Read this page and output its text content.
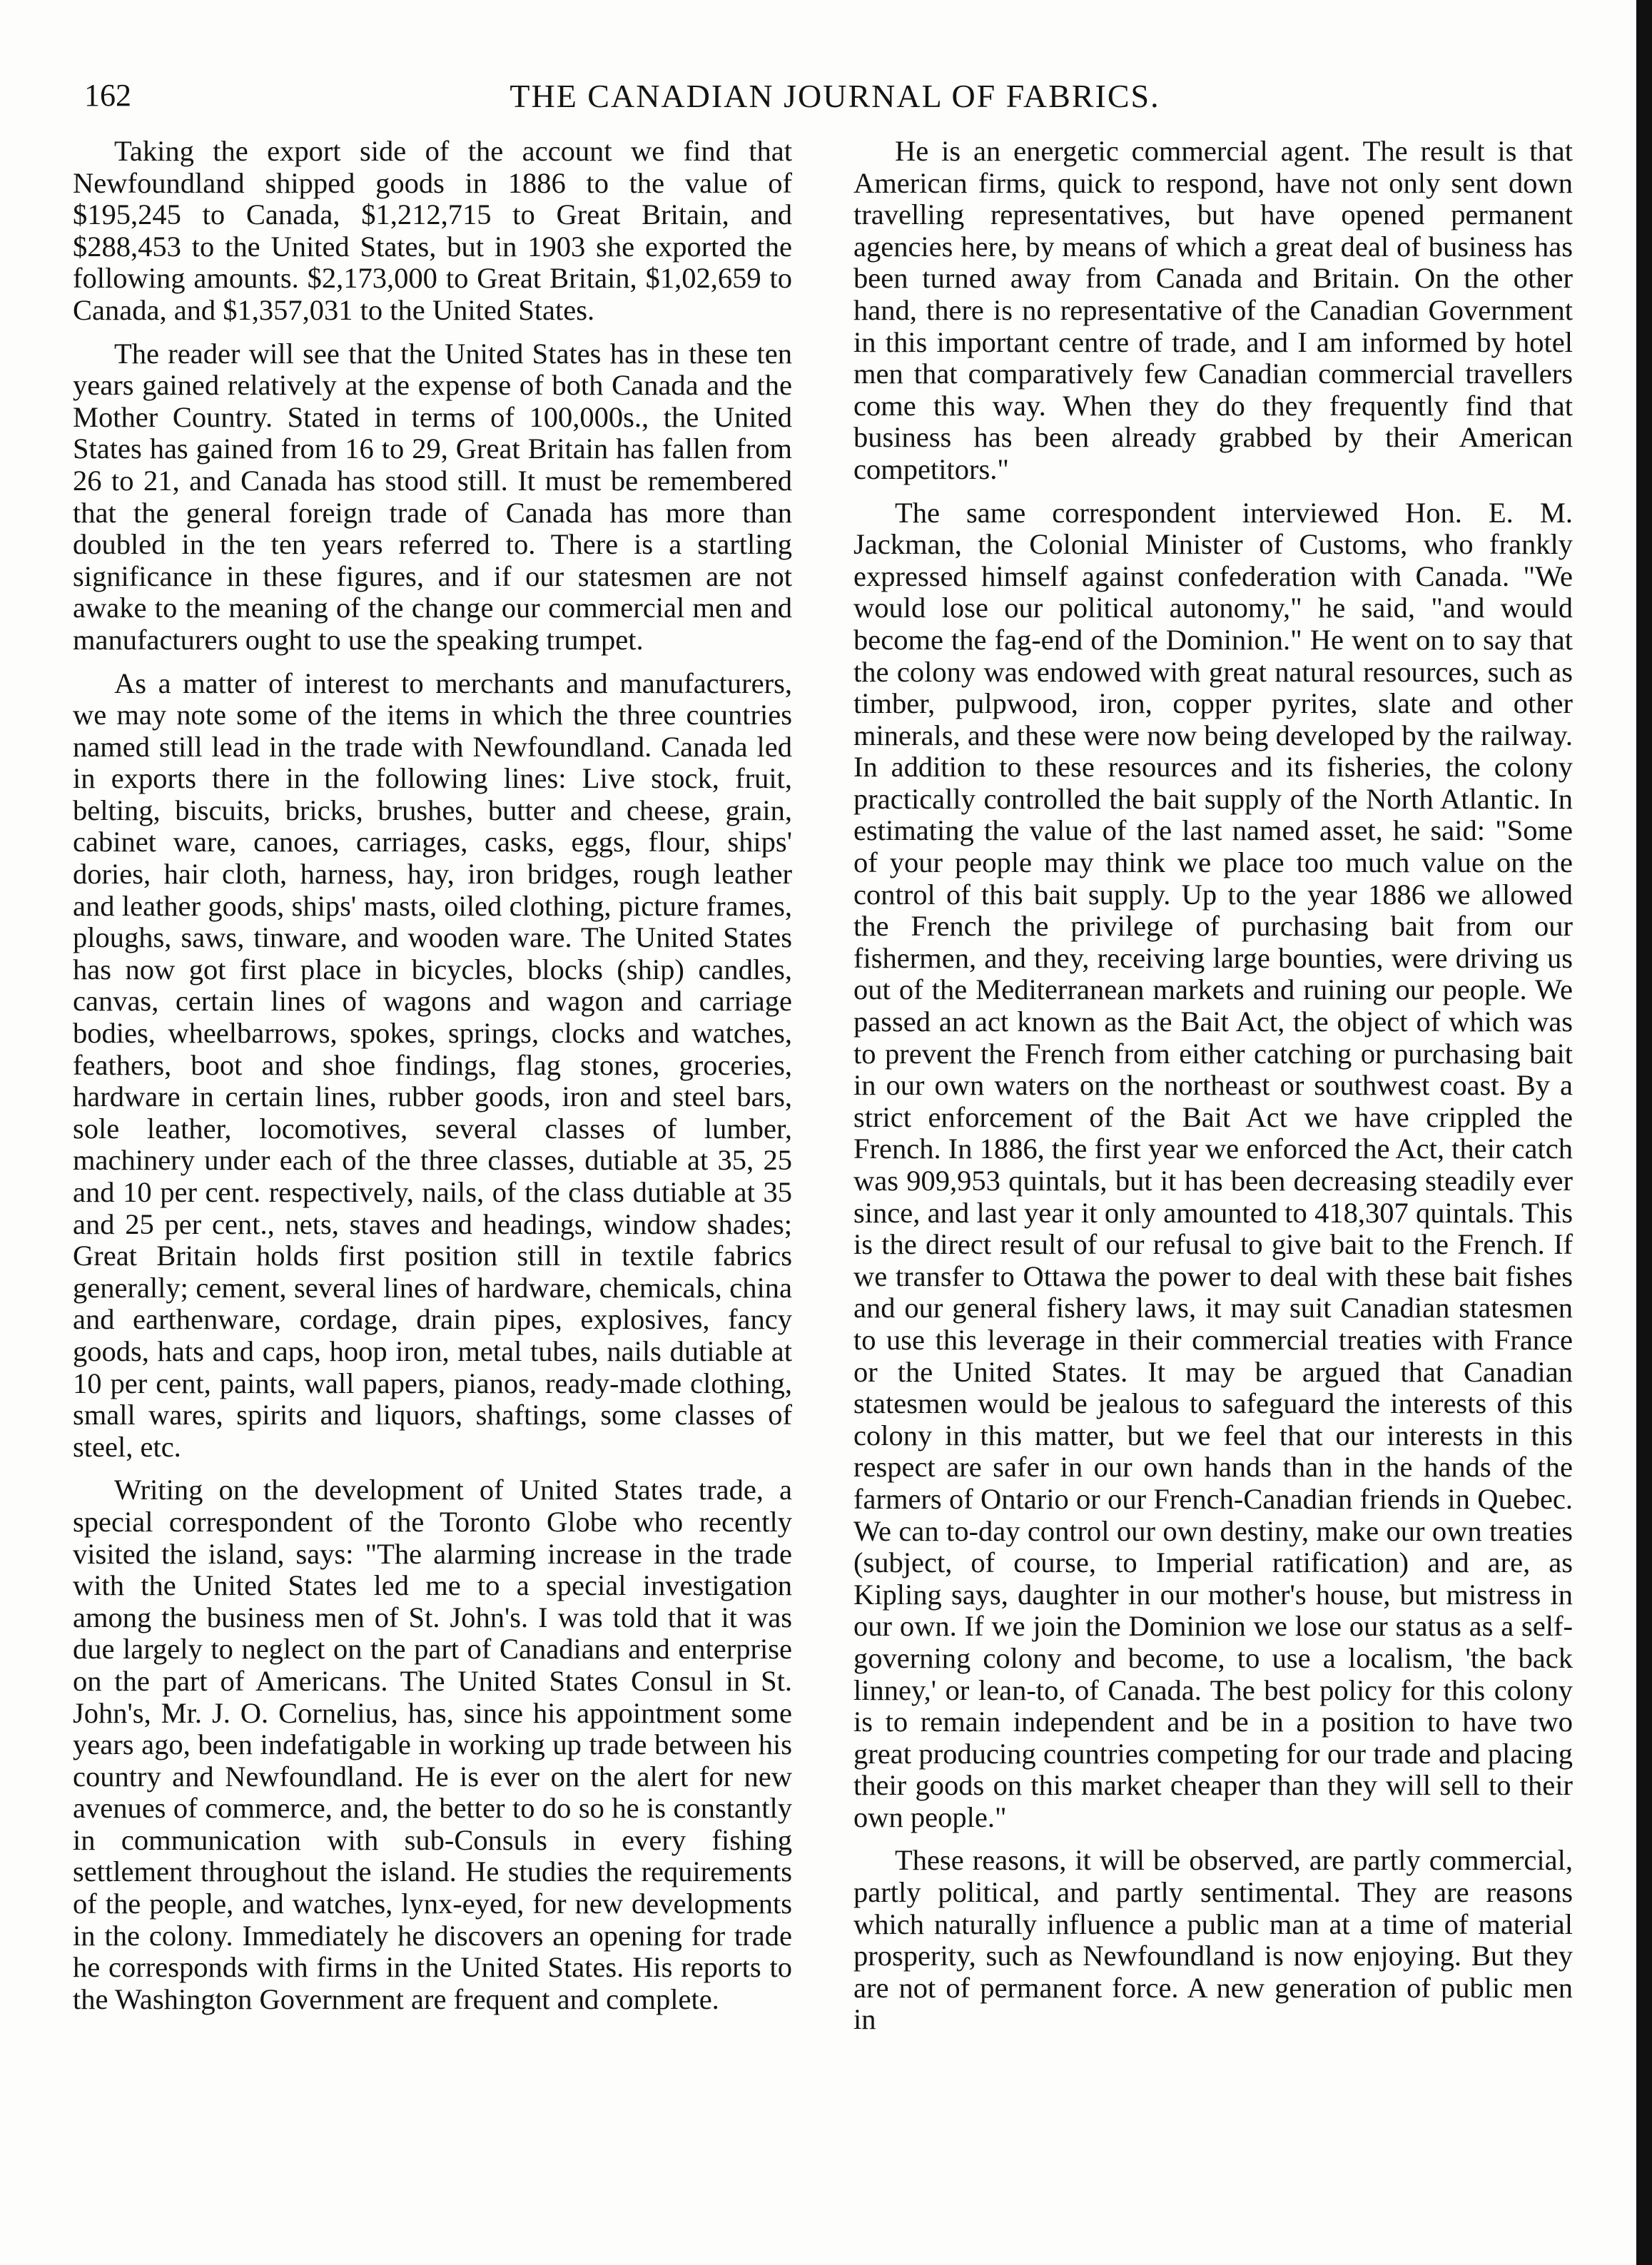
162	THE CANADIAN JOURNAL OF FABRICS.

Taking the export side of the account we find that Newfoundland shipped goods in 1886 to the value of $195,245 to Canada, $1,212,715 to Great Britain, and $288,453 to the United States, but in 1903 she exported the following amounts. $2,173,000 to Great Britain, $1,02,659 to Canada, and $1,357,031 to the United States.

The reader will see that the United States has in these ten years gained relatively at the expense of both Canada and the Mother Country. Stated in terms of 100,000s., the United States has gained from 16 to 29, Great Britain has fallen from 26 to 21, and Canada has stood still. It must be remembered that the general foreign trade of Canada has more than doubled in the ten years referred to. There is a startling significance in these figures, and if our statesmen are not awake to the meaning of the change our commercial men and manufacturers ought to use the speaking trumpet.

As a matter of interest to merchants and manufacturers, we may note some of the items in which the three countries named still lead in the trade with Newfoundland. Canada led in exports there in the following lines: Live stock, fruit, belting, biscuits, bricks, brushes, butter and cheese, grain, cabinet ware, canoes, carriages, casks, eggs, flour, ships' dories, hair cloth, harness, hay, iron bridges, rough leather and leather goods, ships' masts, oiled clothing, picture frames, ploughs, saws, tinware, and wooden ware. The United States has now got first place in bicycles, blocks (ship) candles, canvas, certain lines of wagons and wagon and carriage bodies, wheelbarrows, spokes, springs, clocks and watches, feathers, boot and shoe findings, flag stones, groceries, hardware in certain lines, rubber goods, iron and steel bars, sole leather, locomotives, several classes of lumber, machinery under each of the three classes, dutiable at 35, 25 and 10 per cent. respectively, nails, of the class dutiable at 35 and 25 per cent., nets, staves and headings, window shades; Great Britain holds first position still in textile fabrics generally; cement, several lines of hardware, chemicals, china and earthenware, cordage, drain pipes, explosives, fancy goods, hats and caps, hoop iron, metal tubes, nails dutiable at 10 per cent, paints, wall papers, pianos, ready-made clothing, small wares, spirits and liquors, shaftings, some classes of steel, etc.

Writing on the development of United States trade, a special correspondent of the Toronto Globe who recently visited the island, says: "The alarming increase in the trade with the United States led me to a special investigation among the business men of St. John's. I was told that it was due largely to neglect on the part of Canadians and enterprise on the part of Americans. The United States Consul in St. John's, Mr. J. O. Cornelius, has, since his appointment some years ago, been indefatigable in working up trade between his country and Newfoundland. He is ever on the alert for new avenues of commerce, and, the better to do so he is constantly in communication with sub-Consuls in every fishing settlement throughout the island. He studies the requirements of the people, and watches, lynx-eyed, for new developments in the colony. Immediately he discovers an opening for trade he corresponds with firms in the United States. His reports to the Washington Government are frequent and complete.

He is an energetic commercial agent. The result is that American firms, quick to respond, have not only sent down travelling representatives, but have opened permanent agencies here, by means of which a great deal of business has been turned away from Canada and Britain. On the other hand, there is no representative of the Canadian Government in this important centre of trade, and I am informed by hotel men that comparatively few Canadian commercial travellers come this way. When they do they frequently find that business has been already grabbed by their American competitors."

The same correspondent interviewed Hon. E. M. Jackman, the Colonial Minister of Customs, who frankly expressed himself against confederation with Canada. "We would lose our political autonomy," he said, "and would become the fag-end of the Dominion." He went on to say that the colony was endowed with great natural resources, such as timber, pulpwood, iron, copper pyrites, slate and other minerals, and these were now being developed by the railway. In addition to these resources and its fisheries, the colony practically controlled the bait supply of the North Atlantic. In estimating the value of the last named asset, he said: "Some of your people may think we place too much value on the control of this bait supply. Up to the year 1886 we allowed the French the privilege of purchasing bait from our fishermen, and they, receiving large bounties, were driving us out of the Mediterranean markets and ruining our people. We passed an act known as the Bait Act, the object of which was to prevent the French from either catching or purchasing bait in our own waters on the northeast or southwest coast. By a strict enforcement of the Bait Act we have crippled the French. In 1886, the first year we enforced the Act, their catch was 909,953 quintals, but it has been decreasing steadily ever since, and last year it only amounted to 418,307 quintals. This is the direct result of our refusal to give bait to the French. If we transfer to Ottawa the power to deal with these bait fishes and our general fishery laws, it may suit Canadian statesmen to use this leverage in their commercial treaties with France or the United States. It may be argued that Canadian statesmen would be jealous to safeguard the interests of this colony in this matter, but we feel that our interests in this respect are safer in our own hands than in the hands of the farmers of Ontario or our French-Canadian friends in Quebec. We can to-day control our own destiny, make our own treaties (subject, of course, to Imperial ratification) and are, as Kipling says, daughter in our mother's house, but mistress in our own. If we join the Dominion we lose our status as a self-governing colony and become, to use a localism, 'the back linney,' or lean-to, of Canada. The best policy for this colony is to remain independent and be in a position to have two great producing countries competing for our trade and placing their goods on this market cheaper than they will sell to their own people."

These reasons, it will be observed, are partly commercial, partly political, and partly sentimental. They are reasons which naturally influence a public man at a time of material prosperity, such as Newfoundland is now enjoying. But they are not of permanent force. A new generation of public men in
